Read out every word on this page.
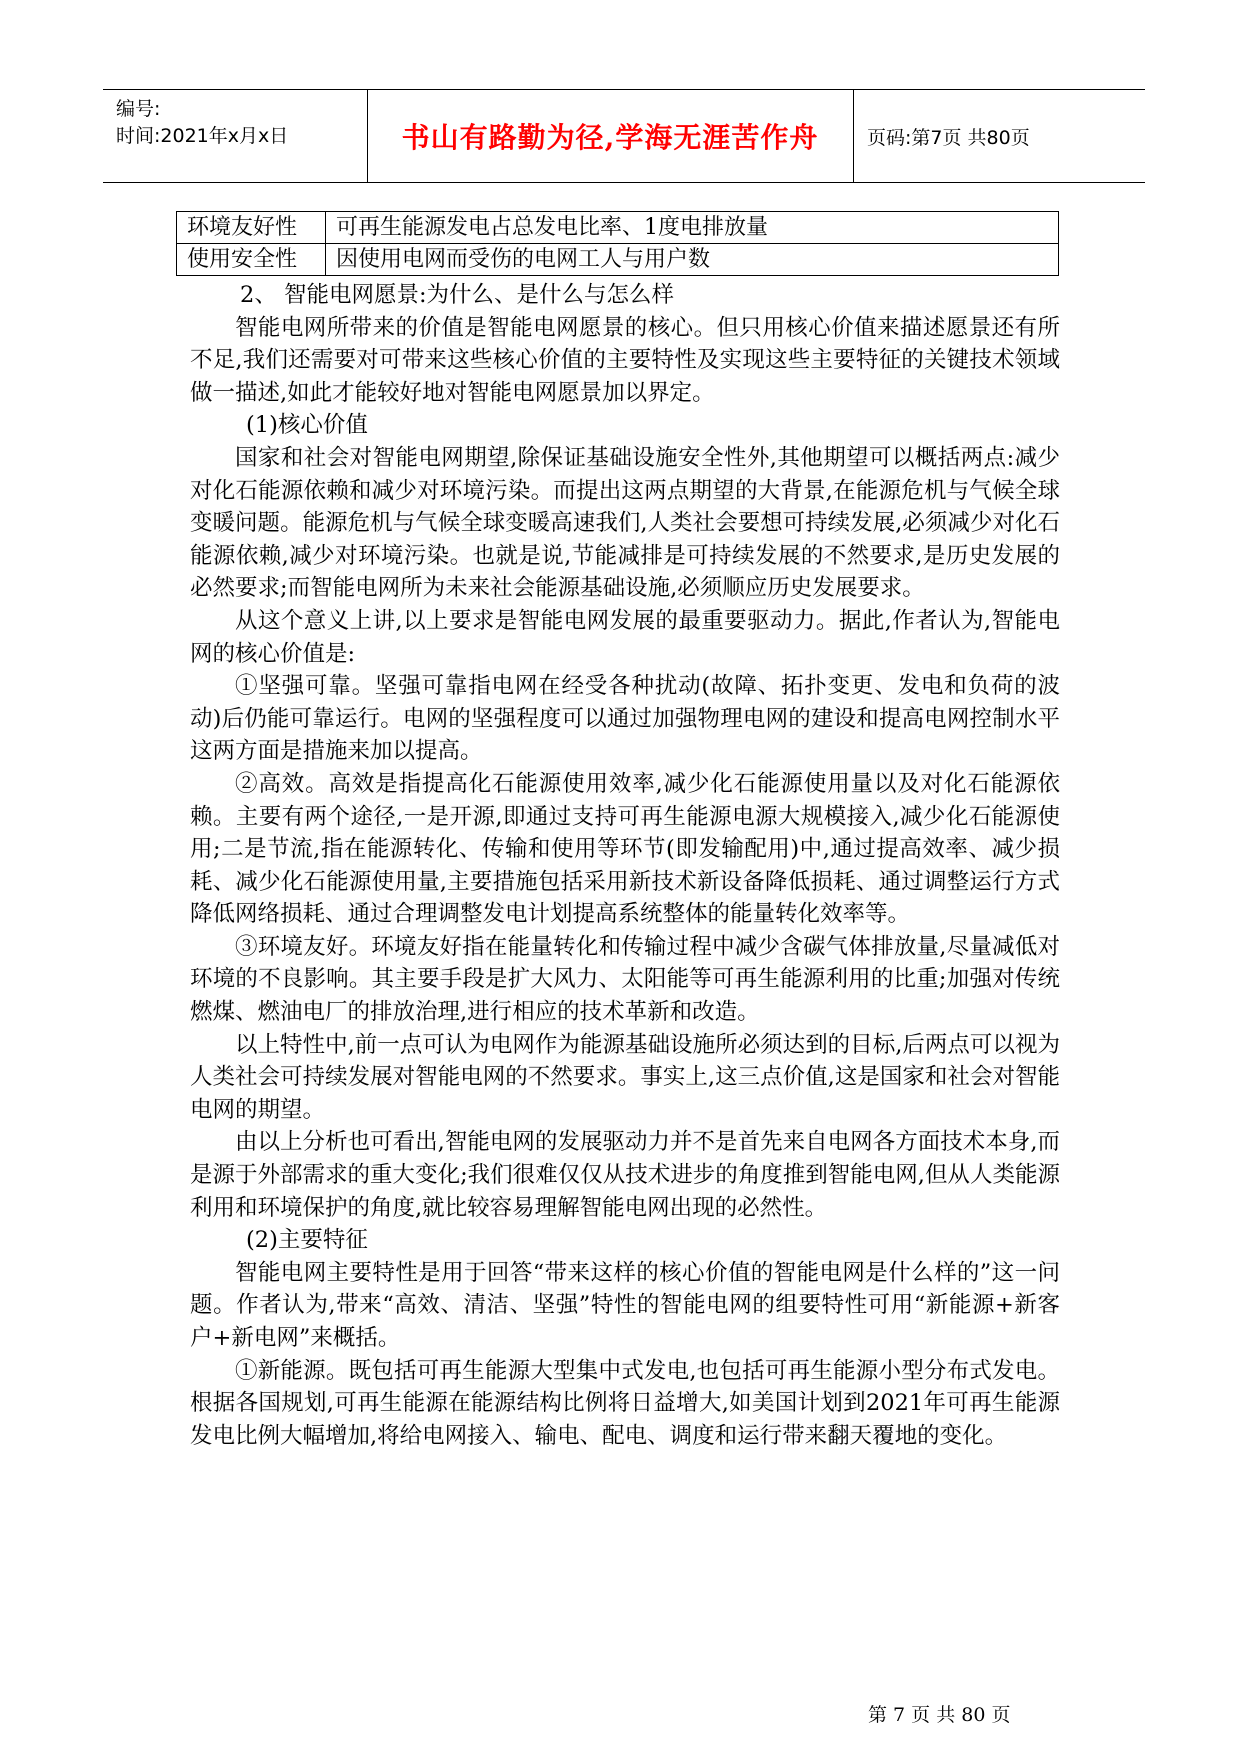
编号:
时间:2021年x月x日	书山有路勤为径,学海无涯苦作舟	页码:第7页 共80页
环境友好性	可再生能源发电占总发电比率、1度电排放量
使用安全性	因使用电网而受伤的电网工人与用户数

2、 智能电网愿景:为什么、是什么与怎么样

智能电网所带来的价值是智能电网愿景的核心。但只用核心价值来描述愿景还有所不足,我们还需要对可带来这些核心价值的主要特性及实现这些主要特征的关键技术领域做一描述,如此才能较好地对智能电网愿景加以界定。

(1)核心价值

国家和社会对智能电网期望,除保证基础设施安全性外,其他期望可以概括两点:减少对化石能源依赖和减少对环境污染。而提出这两点期望的大背景,在能源危机与气候全球变暖问题。能源危机与气候全球变暖高速我们,人类社会要想可持续发展,必须减少对化石能源依赖,减少对环境污染。也就是说,节能减排是可持续发展的不然要求,是历史发展的必然要求;而智能电网所为未来社会能源基础设施,必须顺应历史发展要求。

从这个意义上讲,以上要求是智能电网发展的最重要驱动力。据此,作者认为,智能电网的核心价值是:

①坚强可靠。坚强可靠指电网在经受各种扰动(故障、拓扑变更、发电和负荷的波动)后仍能可靠运行。电网的坚强程度可以通过加强物理电网的建设和提高电网控制水平这两方面是措施来加以提高。

②高效。高效是指提高化石能源使用效率,减少化石能源使用量以及对化石能源依赖。主要有两个途径,一是开源,即通过支持可再生能源电源大规模接入,减少化石能源使用;二是节流,指在能源转化、传输和使用等环节(即发输配用)中,通过提高效率、减少损耗、减少化石能源使用量,主要措施包括采用新技术新设备降低损耗、通过调整运行方式降低网络损耗、通过合理调整发电计划提高系统整体的能量转化效率等。

③环境友好。环境友好指在能量转化和传输过程中减少含碳气体排放量,尽量减低对环境的不良影响。其主要手段是扩大风力、太阳能等可再生能源利用的比重;加强对传统燃煤、燃油电厂的排放治理,进行相应的技术革新和改造。

以上特性中,前一点可认为电网作为能源基础设施所必须达到的目标,后两点可以视为人类社会可持续发展对智能电网的不然要求。事实上,这三点价值,这是国家和社会对智能电网的期望。

由以上分析也可看出,智能电网的发展驱动力并不是首先来自电网各方面技术本身,而是源于外部需求的重大变化;我们很难仅仅从技术进步的角度推到智能电网,但从人类能源利用和环境保护的角度,就比较容易理解智能电网出现的必然性。

(2)主要特征

智能电网主要特性是用于回答“带来这样的核心价值的智能电网是什么样的”这一问题。作者认为,带来“高效、清洁、坚强”特性的智能电网的组要特性可用“新能源+新客户+新电网”来概括。

①新能源。既包括可再生能源大型集中式发电,也包括可再生能源小型分布式发电。根据各国规划,可再生能源在能源结构比例将日益增大,如美国计划到2021年可再生能源发电比例大幅增加,将给电网接入、输电、配电、调度和运行带来翻天覆地的变化。

第 7 页 共 80 页
